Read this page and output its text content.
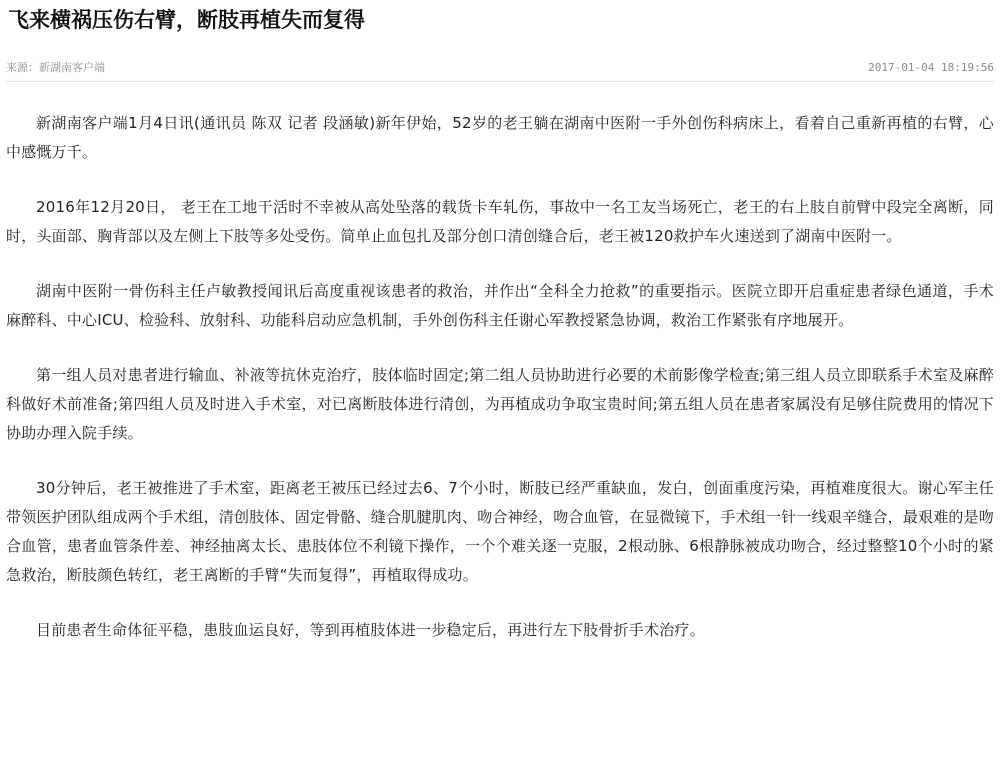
飞来横祸压伤右臂，断肢再植失而复得
来源：新湖南客户端	2017-01-04 18:19:56

新湖南客户端1月4日讯(通讯员 陈双 记者 段涵敏)新年伊始，52岁的老王躺在湖南中医附一手外创伤科病床上，看着自己重新再植的右臂，心中感慨万千。

2016年12月20日， 老王在工地干活时不幸被从高处坠落的载货卡车轧伤，事故中一名工友当场死亡，老王的右上肢自前臂中段完全离断，同时，头面部、胸背部以及左侧上下肢等多处受伤。简单止血包扎及部分创口清创缝合后，老王被120救护车火速送到了湖南中医附一。

湖南中医附一骨伤科主任卢敏教授闻讯后高度重视该患者的救治，并作出“全科全力抢救”的重要指示。医院立即开启重症患者绿色通道，手术麻醉科、中心ICU、检验科、放射科、功能科启动应急机制，手外创伤科主任谢心军教授紧急协调，救治工作紧张有序地展开。

第一组人员对患者进行输血、补液等抗休克治疗，肢体临时固定;第二组人员协助进行必要的术前影像学检查;第三组人员立即联系手术室及麻醉科做好术前准备;第四组人员及时进入手术室，对已离断肢体进行清创，为再植成功争取宝贵时间;第五组人员在患者家属没有足够住院费用的情况下协助办理入院手续。

30分钟后，老王被推进了手术室，距离老王被压已经过去6、7个小时，断肢已经严重缺血，发白，创面重度污染，再植难度很大。谢心军主任带领医护团队组成两个手术组，清创肢体、固定骨骼、缝合肌腱肌肉、吻合神经，吻合血管，在显微镜下，手术组一针一线艰辛缝合，最艰难的是吻合血管，患者血管条件差、神经抽离太长、患肢体位不利镜下操作，一个个难关逐一克服，2根动脉、6根静脉被成功吻合，经过整整10个小时的紧急救治，断肢颜色转红，老王离断的手臂“失而复得”，再植取得成功。

目前患者生命体征平稳，患肢血运良好，等到再植肢体进一步稳定后，再进行左下肢骨折手术治疗。
